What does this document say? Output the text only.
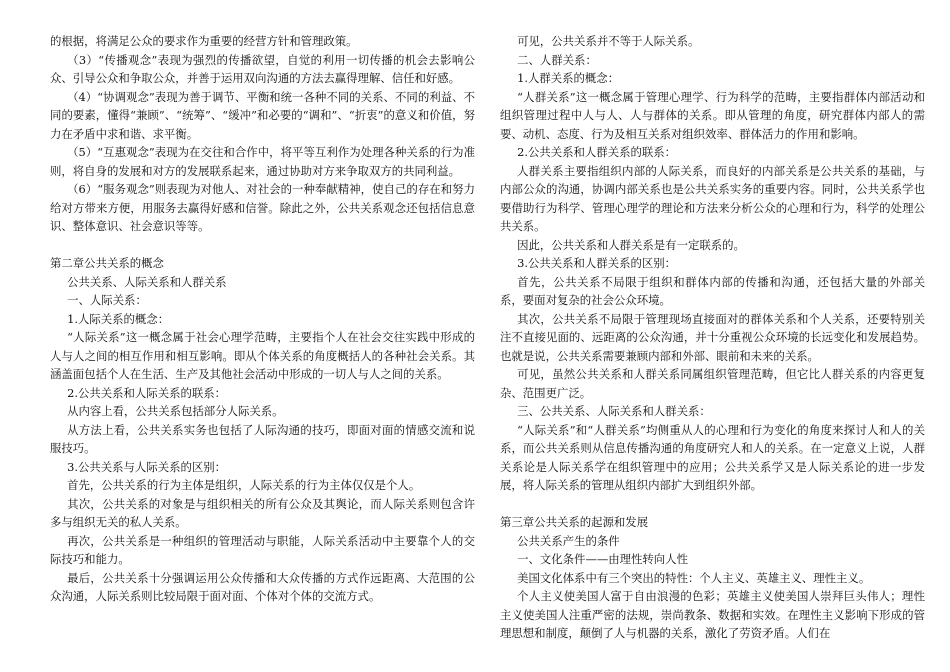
的根据，将满足公众的要求作为重要的经营方针和管理政策。

（3）“传播观念”表现为强烈的传播欲望，自觉的利用一切传播的机会去影响公众、引导公众和争取公众，并善于运用双向沟通的方法去赢得理解、信任和好感。

（4）“协调观念”表现为善于调节、平衡和统一各种不同的关系、不同的利益、不同的要素，懂得“兼顾”、“统筹”、“缓冲”和必要的“调和”、“折衷”的意义和价值，努力在矛盾中求和谐、求平衡。

（5）“互惠观念”表现为在交往和合作中，将平等互利作为处理各种关系的行为准则，将自身的发展和对方的发展联系起来，通过协助对方来争取双方的共同利益。

（6）“服务观念”则表现为对他人、对社会的一种奉献精神，使自己的存在和努力给对方带来方便，用服务去赢得好感和信誉。除此之外，公共关系观念还包括信息意识、整体意识、社会意识等等。

第二章公共关系的概念

公共关系、人际关系和人群关系

一、人际关系：

1.人际关系的概念：

“人际关系”这一概念属于社会心理学范畴，主要指个人在社会交往实践中形成的人与人之间的相互作用和相互影响。即从个体关系的角度概括人的各种社会关系。其涵盖面包括个人在生活、生产及其他社会活动中形成的一切人与人之间的关系。

2.公共关系和人际关系的联系：

从内容上看，公共关系包括部分人际关系。

从方法上看，公共关系实务也包括了人际沟通的技巧，即面对面的情感交流和说服技巧。

3.公共关系与人际关系的区别：

首先，公共关系的行为主体是组织，人际关系的行为主体仅仅是个人。

其次，公共关系的对象是与组织相关的所有公众及其舆论，而人际关系则包含许多与组织无关的私人关系。

再次，公共关系是一种组织的管理活动与职能，人际关系活动中主要靠个人的交际技巧和能力。

最后，公共关系十分强调运用公众传播和大众传播的方式作远距离、大范围的公众沟通，人际关系则比较局限于面对面、个体对个体的交流方式。

可见，公共关系并不等于人际关系。

二、人群关系：

1.人群关系的概念：

“人群关系”这一概念属于管理心理学、行为科学的范畴，主要指群体内部活动和组织管理过程中人与人、人与群体的关系。即从管理的角度，研究群体内部人的需要、动机、态度、行为及相互关系对组织效率、群体活力的作用和影响。

2.公共关系和人群关系的联系：

人群关系主要指组织内部的人际关系，而良好的内部关系是公共关系的基础，与内部公众的沟通，协调内部关系也是公共关系实务的重要内容。同时，公共关系学也要借助行为科学、管理心理学的理论和方法来分析公众的心理和行为，科学的处理公共关系。

因此，公共关系和人群关系是有一定联系的。

3.公共关系和人群关系的区别：

首先，公共关系不局限于组织和群体内部的传播和沟通，还包括大量的外部关系，要面对复杂的社会公众环境。

其次，公共关系不局限于管理现场直接面对的群体关系和个人关系，还要特别关注不直接见面的、远距离的公众沟通，并十分重视公众环境的长远变化和发展趋势。也就是说，公共关系需要兼顾内部和外部、眼前和未来的关系。

可见，虽然公共关系和人群关系同属组织管理范畴，但它比人群关系的内容更复杂、范围更广泛。

三、公共关系、人际关系和人群关系：

“人际关系”和“人群关系”均侧重从人的心理和行为变化的角度来探讨人和人的关系，而公共关系则从信息传播沟通的角度研究人和人的关系。在一定意义上说，人群关系论是人际关系学在组织管理中的应用；公共关系学又是人际关系论的进一步发展，将人际关系的管理从组织内部扩大到组织外部。

第三章公共关系的起源和发展

公共关系产生的条件

一、文化条件——由理性转向人性

美国文化体系中有三个突出的特性：个人主义、英雄主义、理性主义。

个人主义使美国人富于自由浪漫的色彩；英雄主义使美国人崇拜巨头伟人；理性主义使美国人注重严密的法规，崇尚教条、数据和实效。在理性主义影响下形成的管理思想和制度，颠倒了人与机器的关系，激化了劳资矛盾。人们在
